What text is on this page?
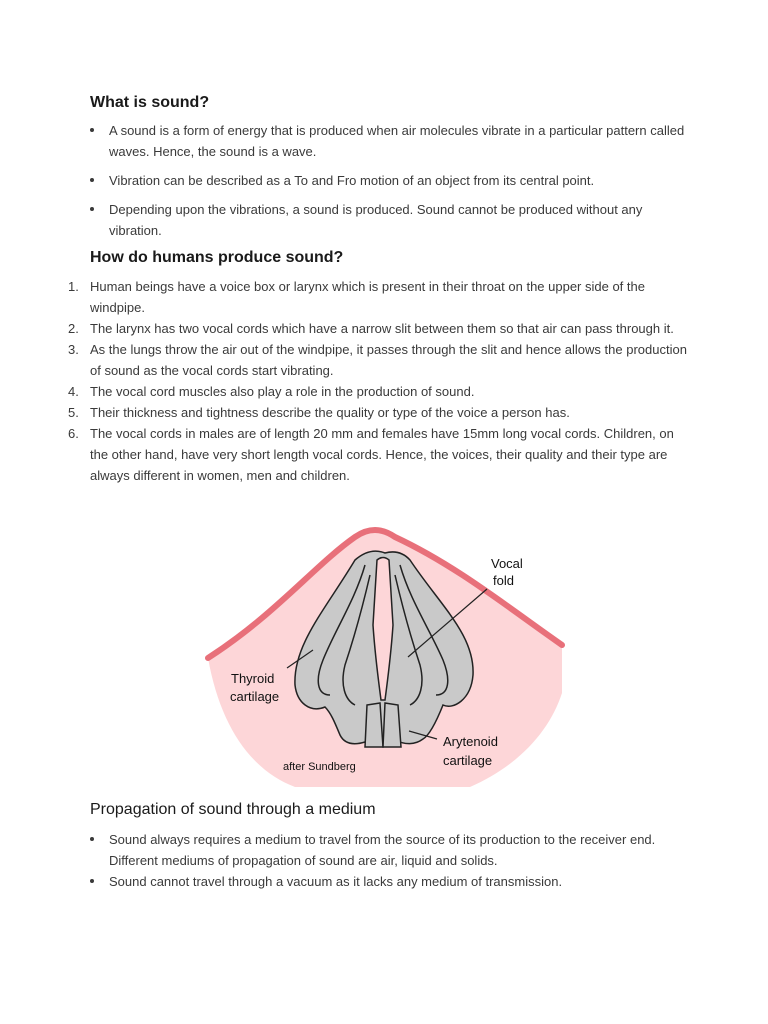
What is sound?
A sound is a form of energy that is produced when air molecules vibrate in a particular pattern called waves. Hence, the sound is a wave.
Vibration can be described as a To and Fro motion of an object from its central point.
Depending upon the vibrations, a sound is produced. Sound cannot be produced without any vibration.
How do humans produce sound?
1. Human beings have a voice box or larynx which is present in their throat on the upper side of the windpipe.
2. The larynx has two vocal cords which have a narrow slit between them so that air can pass through it.
3. As the lungs throw the air out of the windpipe, it passes through the slit and hence allows the production of sound as the vocal cords start vibrating.
4. The vocal cord muscles also play a role in the production of sound.
5. Their thickness and tightness describe the quality or type of the voice a person has.
6. The vocal cords in males are of length 20 mm and females have 15mm long vocal cords. Children, on the other hand, have very short length vocal cords. Hence, the voices, their quality and their type are always different in women, men and children.
Vocal
fold
Thyroid
cartilage
Arytenoid
cartilage
after Sundberg
Propagation of sound through a medium
Sound always requires a medium to travel from the source of its production to the receiver end. Different mediums of propagation of sound are air, liquid and solids.
Sound cannot travel through a vacuum as it lacks any medium of transmission.
